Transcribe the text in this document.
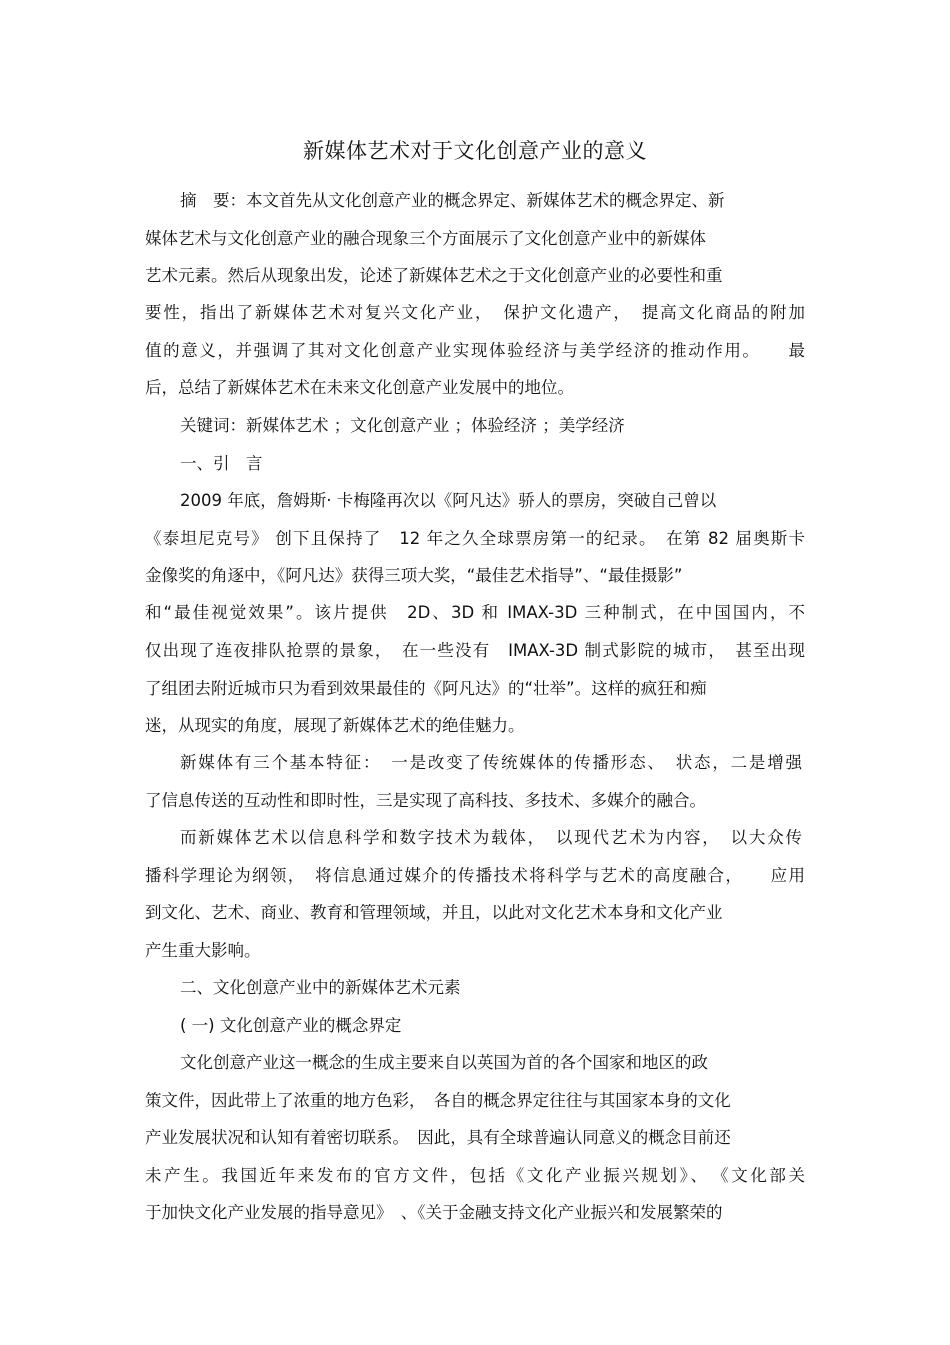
新媒体艺术对于文化创意产业的意义
摘　要：本文首先从文化创意产业的概念界定、新媒体艺术的概念界定、新
媒体艺术与文化创意产业的融合现象三个方面展示了文化创意产业中的新媒体
艺术元素。然后从现象出发，论述了新媒体艺术之于文化创意产业的必要性和重
要性，指出了新媒体艺术对复兴文化产业，　保护文化遗产，　提高文化商品的附加
值的意义，并强调了其对文化创意产业实现体验经济与美学经济的推动作用。　　最
后，总结了新媒体艺术在未来文化创意产业发展中的地位。
关键词：新媒体艺术 ；文化创意产业 ；体验经济 ；美学经济
一、引　言
2009 年底，詹姆斯· 卡梅隆再次以《阿凡达》骄人的票房，突破自己曾以
《泰坦尼克号》 创下且保持了　12 年之久全球票房第一的纪录。　在第 82 届奥斯卡
金像奖的角逐中，《阿凡达》获得三项大奖，“最佳艺术指导”、“最佳摄影”
和“最佳视觉效果”。该片提供　2D、3D 和 IMAX-3D 三种制式，在中国国内，不
仅出现了连夜排队抢票的景象，　在一些没有　IMAX-3D 制式影院的城市，　甚至出现
了组团去附近城市只为看到效果最佳的《阿凡达》的“壮举”。这样的疯狂和痴
迷，从现实的角度，展现了新媒体艺术的绝佳魅力。
新媒体有三个基本特征：　一是改变了传统媒体的传播形态、　状态，二是增强
了信息传送的互动性和即时性，三是实现了高科技、多技术、多媒介的融合。
而新媒体艺术以信息科学和数字技术为载体，　以现代艺术为内容，　以大众传
播科学理论为纲领，　将信息通过媒介的传播技术将科学与艺术的高度融合，　　应用
到文化、艺术、商业、教育和管理领域，并且，以此对文化艺术本身和文化产业
产生重大影响。
二、文化创意产业中的新媒体艺术元素
( 一) 文化创意产业的概念界定
文化创意产业这一概念的生成主要来自以英国为首的各个国家和地区的政
策文件，因此带上了浓重的地方色彩，　各自的概念界定往往与其国家本身的文化
产业发展状况和认知有着密切联系。　因此，具有全球普遍认同意义的概念目前还
未产生。我国近年来发布的官方文件，包括《文化产业振兴规划》、　《文化部关
于加快文化产业发展的指导意见》　、《关于金融支持文化产业振兴和发展繁荣的
